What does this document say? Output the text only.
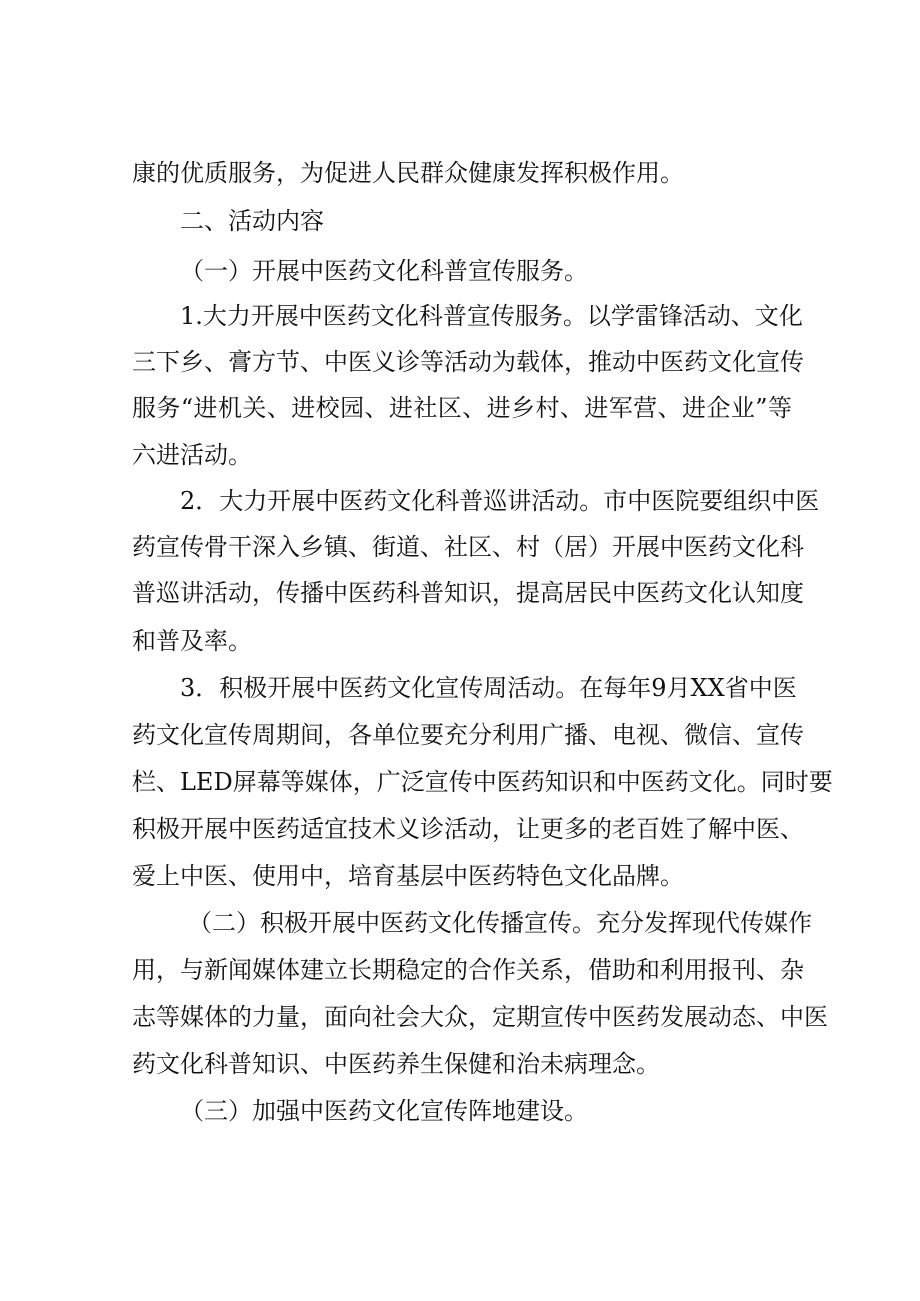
康的优质服务，为促进人民群众健康发挥积极作用。
二、活动内容
（一）开展中医药文化科普宣传服务。
1.大力开展中医药文化科普宣传服务。以学雷锋活动、文化
三下乡、膏方节、中医义诊等活动为载体，推动中医药文化宣传
服务“进机关、进校园、进社区、进乡村、进军营、进企业”等
六进活动。
2．大力开展中医药文化科普巡讲活动。市中医院要组织中医
药宣传骨干深入乡镇、街道、社区、村（居）开展中医药文化科
普巡讲活动，传播中医药科普知识，提高居民中医药文化认知度
和普及率。
3．积极开展中医药文化宣传周活动。在每年9月XX省中医
药文化宣传周期间，各单位要充分利用广播、电视、微信、宣传
栏、LED屏幕等媒体，广泛宣传中医药知识和中医药文化。同时要
积极开展中医药适宜技术义诊活动，让更多的老百姓了解中医、
爱上中医、使用中，培育基层中医药特色文化品牌。
（二）积极开展中医药文化传播宣传。充分发挥现代传媒作
用，与新闻媒体建立长期稳定的合作关系，借助和利用报刊、杂
志等媒体的力量，面向社会大众，定期宣传中医药发展动态、中医
药文化科普知识、中医药养生保健和治未病理念。
（三）加强中医药文化宣传阵地建设。
